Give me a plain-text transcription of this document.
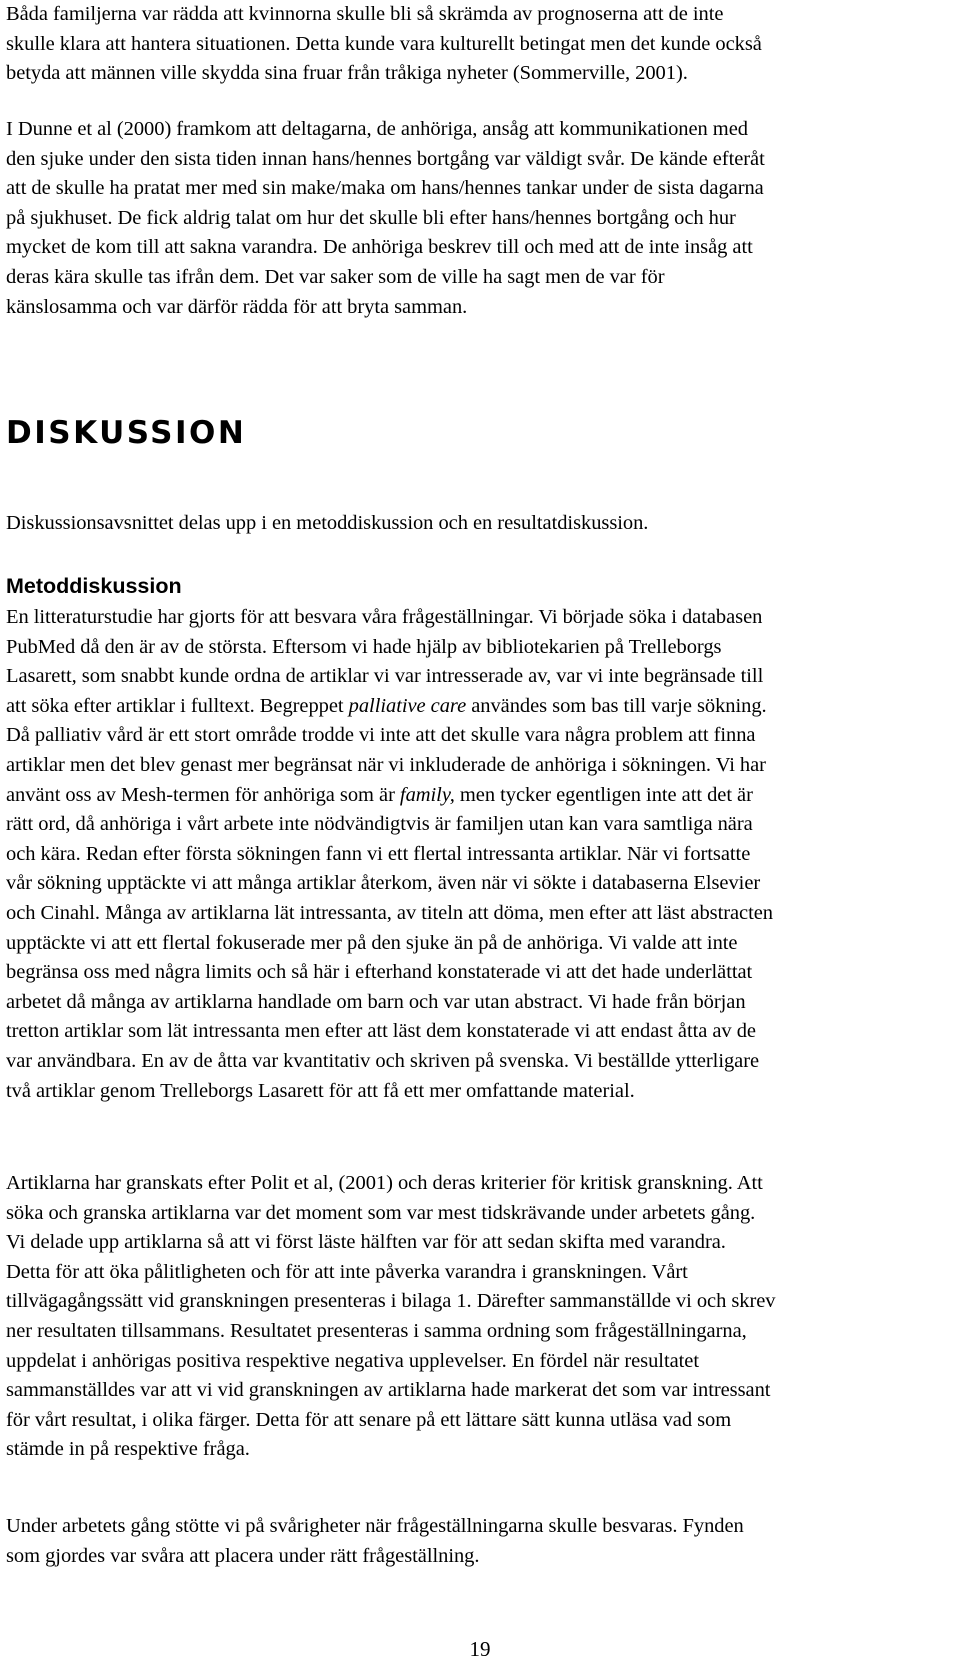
Båda familjerna var rädda att kvinnorna skulle bli så skrämda av prognoserna att de inte
skulle klara att hantera situationen. Detta kunde vara kulturellt betingat men det kunde också
betyda att männen ville skydda sina fruar från tråkiga nyheter (Sommerville, 2001).

I Dunne et al (2000) framkom att deltagarna, de anhöriga, ansåg att kommunikationen med
den sjuke under den sista tiden innan hans/hennes bortgång var väldigt svår. De kände efteråt
att de skulle ha pratat mer med sin make/maka om hans/hennes tankar under de sista dagarna
på sjukhuset. De fick aldrig talat om hur det skulle bli efter hans/hennes bortgång och hur
mycket de kom till att sakna varandra. De anhöriga beskrev till och med att de inte insåg att
deras kära skulle tas ifrån dem. Det var saker som de ville ha sagt men de var för
känslosamma och var därför rädda för att bryta samman.

DISKUSSION

Diskussionsavsnittet delas upp i en metoddiskussion och en resultatdiskussion.

Metoddiskussion

En litteraturstudie har gjorts för att besvara våra frågeställningar. Vi började söka i databasen
PubMed då den är av de största. Eftersom vi hade hjälp av bibliotekarien på Trelleborgs
Lasarett, som snabbt kunde ordna de artiklar vi var intresserade av, var vi inte begränsade till
att söka efter artiklar i fulltext. Begreppet palliative care användes som bas till varje sökning.
Då palliativ vård är ett stort område trodde vi inte att det skulle vara några problem att finna
artiklar men det blev genast mer begränsat när vi inkluderade de anhöriga i sökningen. Vi har
använt oss av Mesh-termen för anhöriga som är family, men tycker egentligen inte att det är
rätt ord, då anhöriga i vårt arbete inte nödvändigtvis är familjen utan kan vara samtliga nära
och kära. Redan efter första sökningen fann vi ett flertal intressanta artiklar. När vi fortsatte
vår sökning upptäckte vi att många artiklar återkom, även när vi sökte i databaserna Elsevier
och Cinahl. Många av artiklarna lät intressanta, av titeln att döma, men efter att läst abstracten
upptäckte vi att ett flertal fokuserade mer på den sjuke än på de anhöriga. Vi valde att inte
begränsa oss med några limits och så här i efterhand konstaterade vi att det hade underlättat
arbetet då många av artiklarna handlade om barn och var utan abstract. Vi hade från början
tretton artiklar som lät intressanta men efter att läst dem konstaterade vi att endast åtta av de
var användbara. En av de åtta var kvantitativ och skriven på svenska. Vi beställde ytterligare
två artiklar genom Trelleborgs Lasarett för att få ett mer omfattande material.

Artiklarna har granskats efter Polit et al, (2001) och deras kriterier för kritisk granskning. Att
söka och granska artiklarna var det moment som var mest tidskrävande under arbetets gång.
Vi delade upp artiklarna så att vi först läste hälften var för att sedan skifta med varandra.
Detta för att öka pålitligheten och för att inte påverka varandra i granskningen. Vårt
tillvägagångssätt vid granskningen presenteras i bilaga 1. Därefter sammanställde vi och skrev
ner resultaten tillsammans. Resultatet presenteras i samma ordning som frågeställningarna,
uppdelat i anhörigas positiva respektive negativa upplevelser. En fördel när resultatet
sammanställdes var att vi vid granskningen av artiklarna hade markerat det som var intressant
för vårt resultat, i olika färger. Detta för att senare på ett lättare sätt kunna utläsa vad som
stämde in på respektive fråga.

Under arbetets gång stötte vi på svårigheter när frågeställningarna skulle besvaras. Fynden
som gjordes var svåra att placera under rätt frågeställning.

19
